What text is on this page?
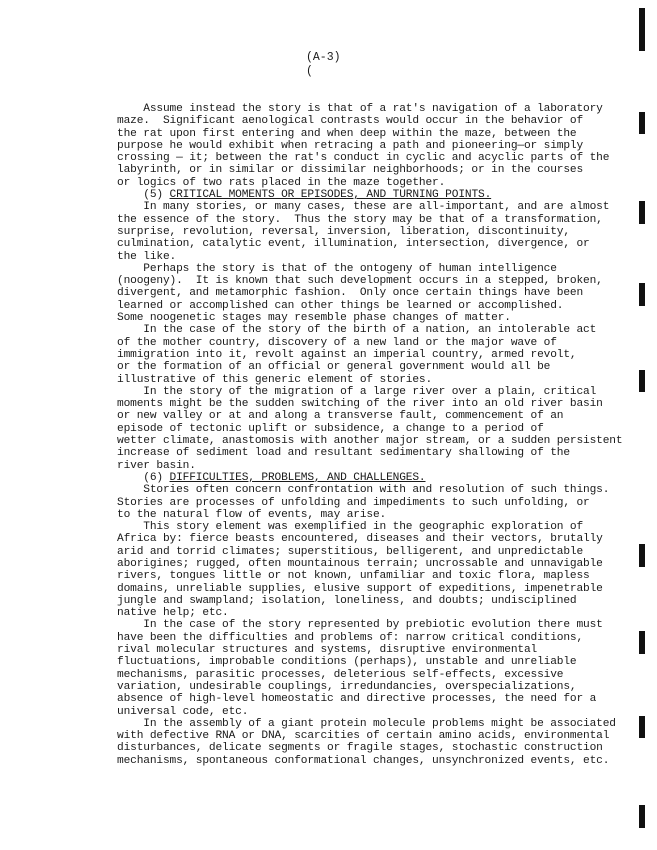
(A-3)
(
Assume instead the story is that of a rat's navigation of a laboratory
maze.  Significant aenological contrasts would occur in the behavior of
the rat upon first entering and when deep within the maze, between the
purpose he would exhibit when retracing a path and pioneering—or simply
crossing — it; between the rat's conduct in cyclic and acyclic parts of the
labyrinth, or in similar or dissimilar neighborhoods; or in the courses
or logics of two rats placed in the maze together.
(5) CRITICAL MOMENTS OR EPISODES, AND TURNING POINTS.
In many stories, or many cases, these are all-important, and are almost
the essence of the story.  Thus the story may be that of a transformation,
surprise, revolution, reversal, inversion, liberation, discontinuity,
culmination, catalytic event, illumination, intersection, divergence, or
the like.
Perhaps the story is that of the ontogeny of human intelligence
(noogeny).  It is known that such development occurs in a stepped, broken,
divergent, and metamorphic fashion.  Only once certain things have been
learned or accomplished can other things be learned or accomplished.
Some noogenetic stages may resemble phase changes of matter.
In the case of the story of the birth of a nation, an intolerable act
of the mother country, discovery of a new land or the major wave of
immigration into it, revolt against an imperial country, armed revolt,
or the formation of an official or general government would all be
illustrative of this generic element of stories.
In the story of the migration of a large river over a plain, critical
moments might be the sudden switching of the river into an old river basin
or new valley or at and along a transverse fault, commencement of an
episode of tectonic uplift or subsidence, a change to a period of
wetter climate, anastomosis with another major stream, or a sudden persistent
increase of sediment load and resultant sedimentary shallowing of the
river basin.
(6) DIFFICULTIES, PROBLEMS, AND CHALLENGES.
Stories often concern confrontation with and resolution of such things.
Stories are processes of unfolding and impediments to such unfolding, or
to the natural flow of events, may arise.
This story element was exemplified in the geographic exploration of
Africa by: fierce beasts encountered, diseases and their vectors, brutally
arid and torrid climates; superstitious, belligerent, and unpredictable
aborigines; rugged, often mountainous terrain; uncrossable and unnavigable
rivers, tongues little or not known, unfamiliar and toxic flora, mapless
domains, unreliable supplies, elusive support of expeditions, impenetrable
jungle and swampland; isolation, loneliness, and doubts; undisciplined
native help; etc.
In the case of the story represented by prebiotic evolution there must
have been the difficulties and problems of: narrow critical conditions,
rival molecular structures and systems, disruptive environmental
fluctuations, improbable conditions (perhaps), unstable and unreliable
mechanisms, parasitic processes, deleterious self-effects, excessive
variation, undesirable couplings, irredundancies, overspecializations,
absence of high-level homeostatic and directive processes, the need for a
universal code, etc.
In the assembly of a giant protein molecule problems might be associated
with defective RNA or DNA, scarcities of certain amino acids, environmental
disturbances, delicate segments or fragile stages, stochastic construction
mechanisms, spontaneous conformational changes, unsynchronized events, etc.
